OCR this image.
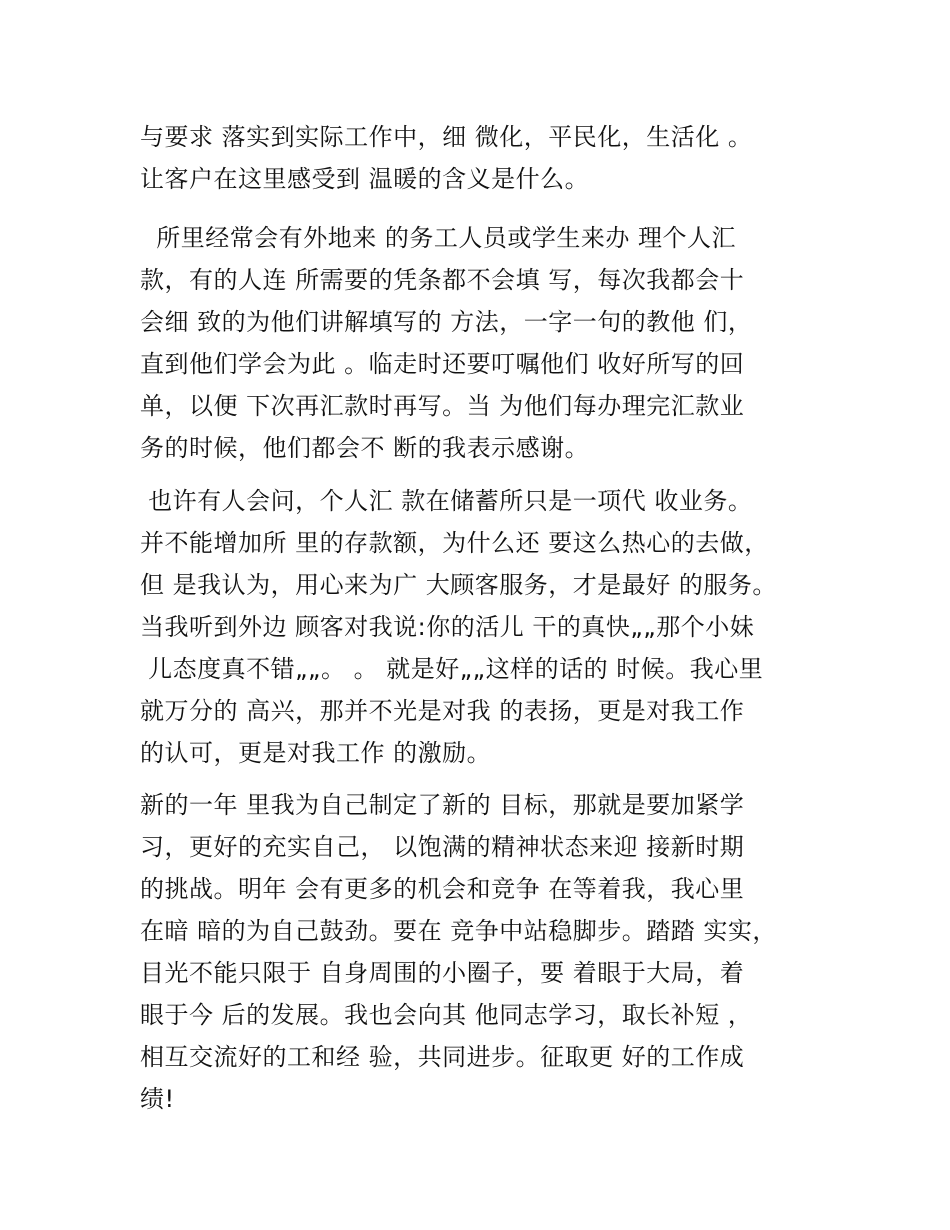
与要求 落实到实际工作中，细 微化，平民化，生活化 。
让客户在这里感受到 温暖的含义是什么。
所里经常会有外地来 的务工人员或学生来办 理个人汇
款，有的人连 所需要的凭条都不会填 写，每次我都会十
会细 致的为他们讲解填写的 方法，一字一句的教他 们，
直到他们学会为此 。临走时还要叮嘱他们 收好所写的回
单，以便 下次再汇款时再写。当 为他们每办理完汇款业
务的时候，他们都会不 断的我表示感谢。
也许有人会问，个人汇 款在储蓄所只是一项代 收业务。
并不能增加所 里的存款额，为什么还 要这么热心的去做，
但 是我认为，用心来为广 大顾客服务，才是最好 的服务。
当我听到外边 顾客对我说:你的活儿 干的真快„„那个小妹
儿态度真不错„„。 。 就是好„„这样的话的 时候。我心里
就万分的 高兴，那并不光是对我 的表扬，更是对我工作
的认可，更是对我工作 的激励。
新的一年 里我为自己制定了新的 目标，那就是要加紧学
习，更好的充实自己， 以饱满的精神状态来迎 接新时期
的挑战。明年 会有更多的机会和竞争 在等着我，我心里
在暗 暗的为自己鼓劲。要在 竞争中站稳脚步。踏踏 实实，
目光不能只限于 自身周围的小圈子，要 着眼于大局，着
眼于今 后的发展。我也会向其 他同志学习，取长补短 ，
相互交流好的工和经 验，共同进步。征取更 好的工作成
绩!
